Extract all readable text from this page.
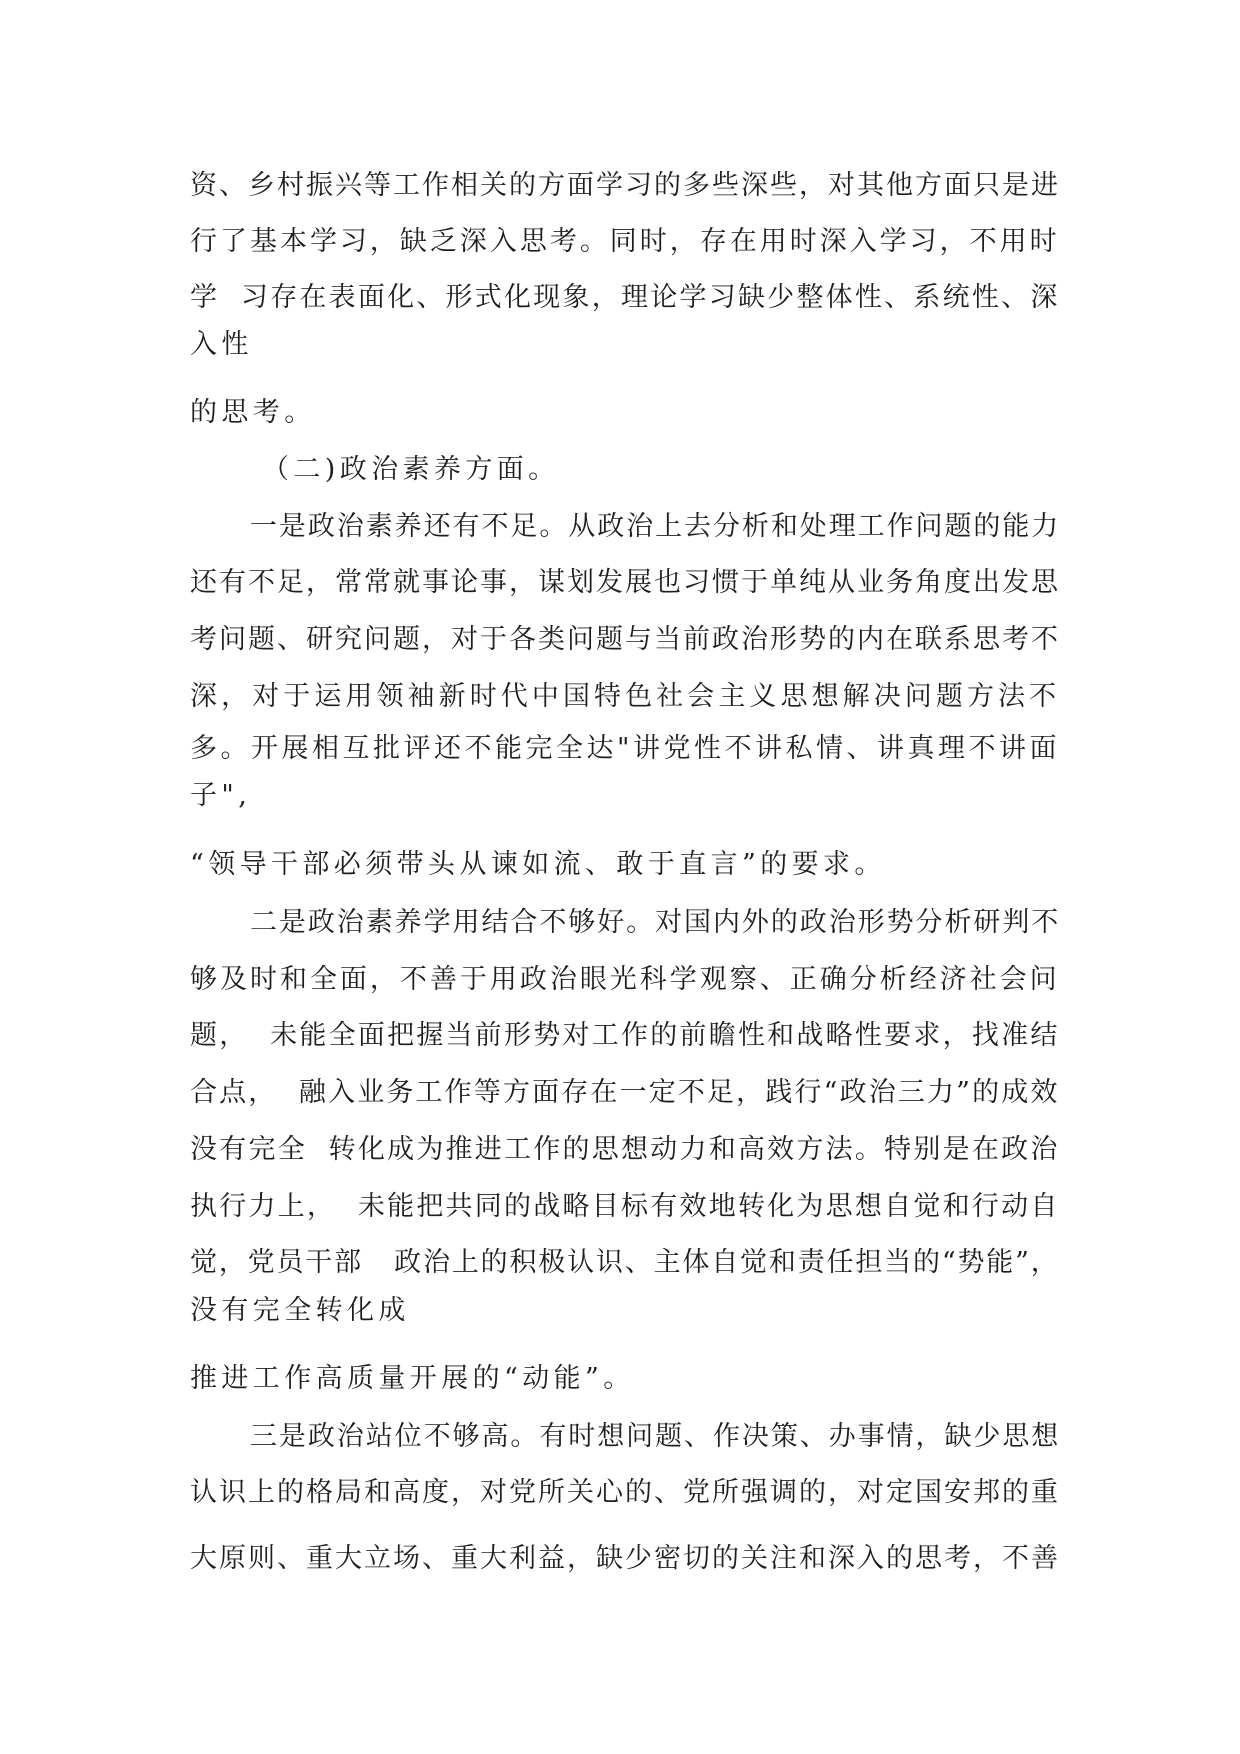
资、乡村振兴等工作相关的方面学习的多些深些，对其他方面只是进

行了基本学习，缺乏深入思考。同时，存在用时深入学习，不用时

学  习存在表面化、形式化现象，理论学习缺少整体性、系统性、深

入性

的思考。

（二)政治素养方面。

一是政治素养还有不足。从政治上去分析和处理工作问题的能力

还有不足，常常就事论事，谋划发展也习惯于单纯从业务角度出发思

考问题、研究问题，对于各类问题与当前政治形势的内在联系思考不

深，对于运用领袖新时代中国特色社会主义思想解决问题方法不

多。开展相互批评还不能完全达"讲党性不讲私情、讲真理不讲面

子",

“领导干部必须带头从谏如流、敢于直言”的要求。

二是政治素养学用结合不够好。对国内外的政治形势分析研判不

够及时和全面，不善于用政治眼光科学观察、正确分析经济社会问

题，  未能全面把握当前形势对工作的前瞻性和战略性要求，找准结

合点，  融入业务工作等方面存在一定不足，践行“政治三力”的成效

没有完全  转化成为推进工作的思想动力和高效方法。特别是在政治

执行力上，  未能把共同的战略目标有效地转化为思想自觉和行动自

觉，党员干部   政治上的积极认识、主体自觉和责任担当的“势能”，

没有完全转化成

推进工作高质量开展的“动能”。

三是政治站位不够高。有时想问题、作决策、办事情，缺少思想

认识上的格局和高度，对党所关心的、党所强调的，对定国安邦的重

大原则、重大立场、重大利益，缺少密切的关注和深入的思考，不善
